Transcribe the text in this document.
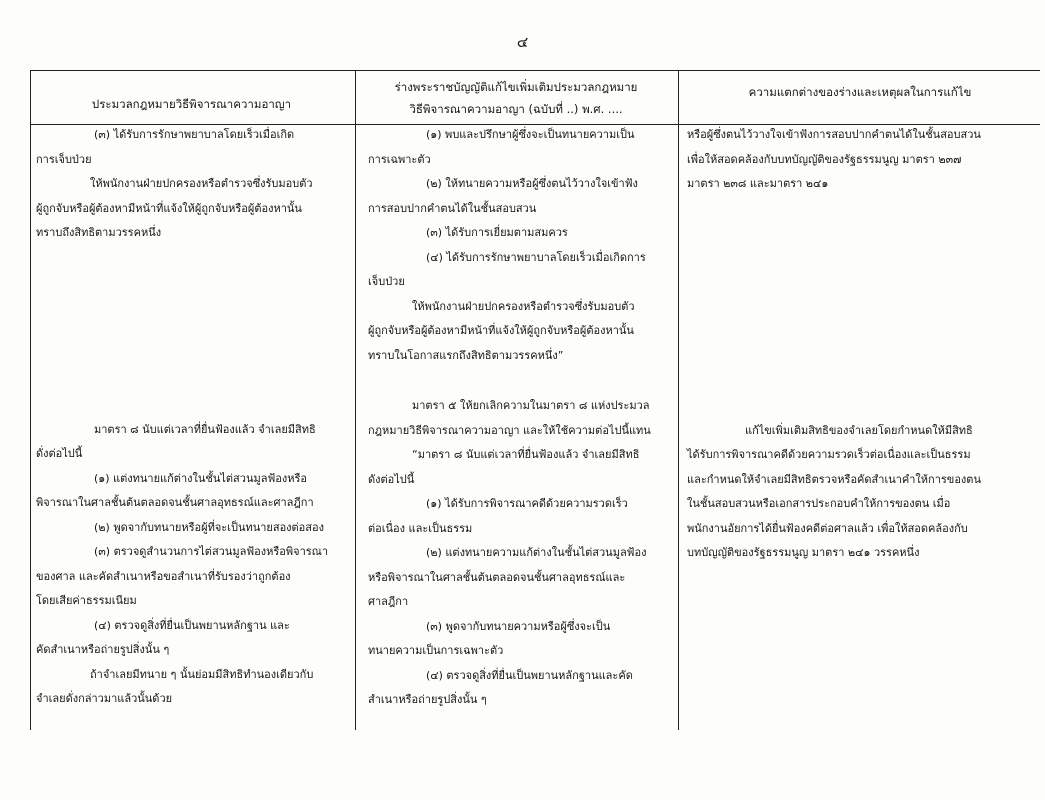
๔
ประมวลกฎหมายวิธีพิจารณาความอาญา
ร่างพระราชบัญญัติแก้ไขเพิ่มเติมประมวลกฎหมาย
วิธีพิจารณาความอาญา (ฉบับที่ ..) พ.ศ. ....
ความแตกต่างของร่างและเหตุผลในการแก้ไข

(๓) ได้รับการรักษาพยาบาลโดยเร็วเมื่อเกิด

การเจ็บป่วย

ให้พนักงานฝ่ายปกครองหรือตำรวจซึ่งรับมอบตัว

ผู้ถูกจับหรือผู้ต้องหามีหน้าที่แจ้งให้ผู้ถูกจับหรือผู้ต้องหานั้น

ทราบถึงสิทธิตามวรรคหนึ่ง

มาตรา ๘ นับแต่เวลาที่ยื่นฟ้องแล้ว จำเลยมีสิทธิ

ดั่งต่อไปนี้

(๑) แต่งทนายแก้ต่างในชั้นไต่สวนมูลฟ้องหรือ

พิจารณาในศาลชั้นต้นตลอดจนชั้นศาลอุทธรณ์และศาลฎีกา

(๒) พูดจากับทนายหรือผู้ที่จะเป็นทนายสองต่อสอง

(๓) ตรวจดูสำนวนการไต่สวนมูลฟ้องหรือพิจารณา

ของศาล และคัดสำเนาหรือขอสำเนาที่รับรองว่าถูกต้อง

โดยเสียค่าธรรมเนียม

(๔) ตรวจดูสิ่งที่ยื่นเป็นพยานหลักฐาน และ

คัดสำเนาหรือถ่ายรูปสิ่งนั้น ๆ

ถ้าจำเลยมีทนาย ๆ นั้นย่อมมีสิทธิทำนองเดียวกับ

จำเลยดั่งกล่าวมาแล้วนั้นด้วย

(๑) พบและปรึกษาผู้ซึ่งจะเป็นทนายความเป็น

การเฉพาะตัว

(๒) ให้ทนายความหรือผู้ซึ่งตนไว้วางใจเข้าฟัง

การสอบปากคำตนได้ในชั้นสอบสวน

(๓) ได้รับการเยี่ยมตามสมควร

(๔) ได้รับการรักษาพยาบาลโดยเร็วเมื่อเกิดการ

เจ็บป่วย

ให้พนักงานฝ่ายปกครองหรือตำรวจซึ่งรับมอบตัว

ผู้ถูกจับหรือผู้ต้องหามีหน้าที่แจ้งให้ผู้ถูกจับหรือผู้ต้องหานั้น

ทราบในโอกาสแรกถึงสิทธิตามวรรคหนึ่ง”

มาตรา ๕ ให้ยกเลิกความในมาตรา ๘ แห่งประมวล

กฎหมายวิธีพิจารณาความอาญา และให้ใช้ความต่อไปนี้แทน

“มาตรา ๘ นับแต่เวลาที่ยื่นฟ้องแล้ว จำเลยมีสิทธิ

ดังต่อไปนี้

(๑) ได้รับการพิจารณาคดีด้วยความรวดเร็ว

ต่อเนื่อง และเป็นธรรม

(๒) แต่งทนายความแก้ต่างในชั้นไต่สวนมูลฟ้อง

หรือพิจารณาในศาลชั้นต้นตลอดจนชั้นศาลอุทธรณ์และ

ศาลฎีกา

(๓) พูดจากับทนายความหรือผู้ซึ่งจะเป็น

ทนายความเป็นการเฉพาะตัว

(๔) ตรวจดูสิ่งที่ยื่นเป็นพยานหลักฐานและคัด

สำเนาหรือถ่ายรูปสิ่งนั้น ๆ

หรือผู้ซึ่งตนไว้วางใจเข้าฟังการสอบปากคำตนได้ในชั้นสอบสวน

เพื่อให้สอดคล้องกับบทบัญญัติของรัฐธรรมนูญ มาตรา ๒๓๗

มาตรา ๒๓๘ และมาตรา ๒๔๑

แก้ไขเพิ่มเติมสิทธิของจำเลยโดยกำหนดให้มีสิทธิ

ได้รับการพิจารณาคดีด้วยความรวดเร็วต่อเนื่องและเป็นธรรม

และกำหนดให้จำเลยมีสิทธิตรวจหรือคัดสำเนาคำให้การของตน

ในชั้นสอบสวนหรือเอกสารประกอบคำให้การของตน เมื่อ

พนักงานอัยการได้ยื่นฟ้องคดีต่อศาลแล้ว เพื่อให้สอดคล้องกับ

บทบัญญัติของรัฐธรรมนูญ มาตรา ๒๔๑ วรรคหนึ่ง
